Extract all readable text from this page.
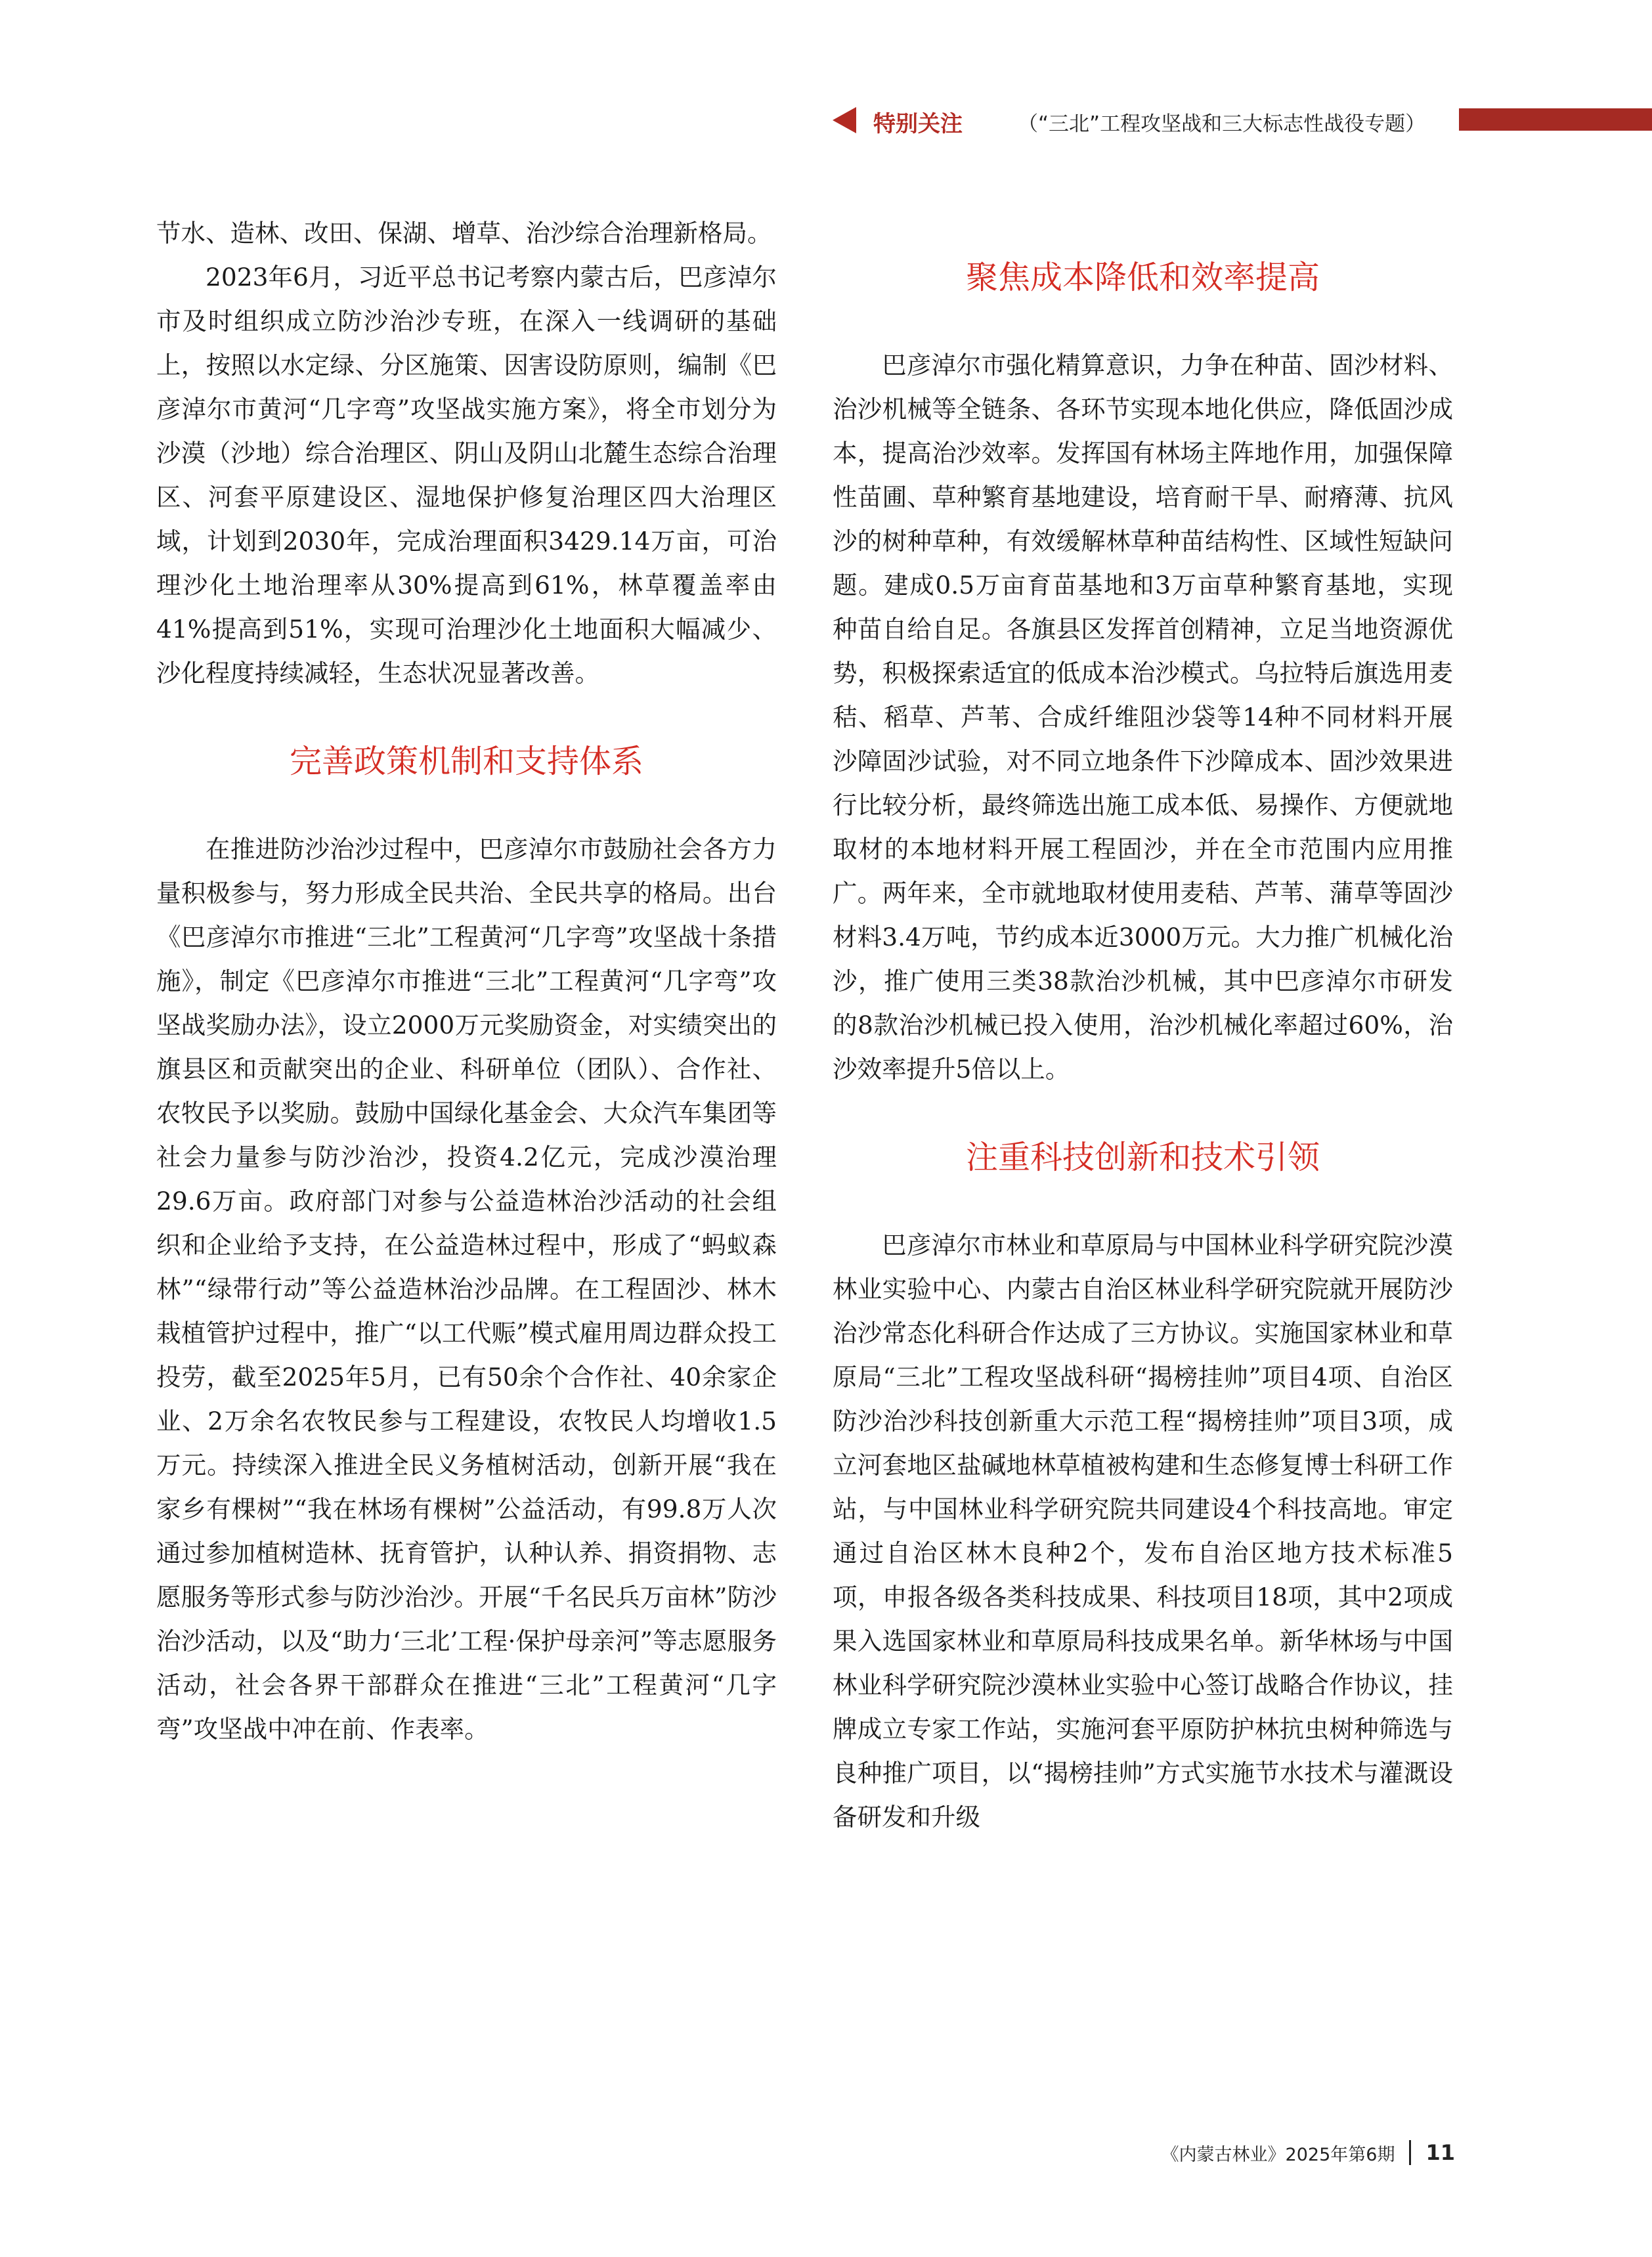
特别关注	（“三北”工程攻坚战和三大标志性战役专题）

节水、造林、改田、保湖、增草、治沙综合治理新格局。

2023年6月，习近平总书记考察内蒙古后，巴彦淖尔市及时组织成立防沙治沙专班，在深入一线调研的基础上，按照以水定绿、分区施策、因害设防原则，编制《巴彦淖尔市黄河“几字弯”攻坚战实施方案》，将全市划分为沙漠（沙地）综合治理区、阴山及阴山北麓生态综合治理区、河套平原建设区、湿地保护修复治理区四大治理区域，计划到2030年，完成治理面积3429.14万亩，可治理沙化土地治理率从30%提高到61%，林草覆盖率由41%提高到51%，实现可治理沙化土地面积大幅减少、沙化程度持续减轻，生态状况显著改善。

完善政策机制和支持体系

在推进防沙治沙过程中，巴彦淖尔市鼓励社会各方力量积极参与，努力形成全民共治、全民共享的格局。出台《巴彦淖尔市推进“三北”工程黄河“几字弯”攻坚战十条措施》，制定《巴彦淖尔市推进“三北”工程黄河“几字弯”攻坚战奖励办法》，设立2000万元奖励资金，对实绩突出的旗县区和贡献突出的企业、科研单位（团队）、合作社、农牧民予以奖励。鼓励中国绿化基金会、大众汽车集团等社会力量参与防沙治沙，投资4.2亿元，完成沙漠治理29.6万亩。政府部门对参与公益造林治沙活动的社会组织和企业给予支持，在公益造林过程中，形成了“蚂蚁森林”“绿带行动”等公益造林治沙品牌。在工程固沙、林木栽植管护过程中，推广“以工代赈”模式雇用周边群众投工投劳，截至2025年5月，已有50余个合作社、40余家企业、2万余名农牧民参与工程建设，农牧民人均增收1.5万元。持续深入推进全民义务植树活动，创新开展“我在家乡有棵树”“我在林场有棵树”公益活动，有99.8万人次通过参加植树造林、抚育管护，认种认养、捐资捐物、志愿服务等形式参与防沙治沙。开展“千名民兵万亩林”防沙治沙活动，以及“助力‘三北’工程·保护母亲河”等志愿服务活动，社会各界干部群众在推进“三北”工程黄河“几字弯”攻坚战中冲在前、作表率。

聚焦成本降低和效率提高

巴彦淖尔市强化精算意识，力争在种苗、固沙材料、治沙机械等全链条、各环节实现本地化供应，降低固沙成本，提高治沙效率。发挥国有林场主阵地作用，加强保障性苗圃、草种繁育基地建设，培育耐干旱、耐瘠薄、抗风沙的树种草种，有效缓解林草种苗结构性、区域性短缺问题。建成0.5万亩育苗基地和3万亩草种繁育基地，实现种苗自给自足。各旗县区发挥首创精神，立足当地资源优势，积极探索适宜的低成本治沙模式。乌拉特后旗选用麦秸、稻草、芦苇、合成纤维阻沙袋等14种不同材料开展沙障固沙试验，对不同立地条件下沙障成本、固沙效果进行比较分析，最终筛选出施工成本低、易操作、方便就地取材的本地材料开展工程固沙，并在全市范围内应用推广。两年来，全市就地取材使用麦秸、芦苇、蒲草等固沙材料3.4万吨，节约成本近3000万元。大力推广机械化治沙，推广使用三类38款治沙机械，其中巴彦淖尔市研发的8款治沙机械已投入使用，治沙机械化率超过60%，治沙效率提升5倍以上。

注重科技创新和技术引领

巴彦淖尔市林业和草原局与中国林业科学研究院沙漠林业实验中心、内蒙古自治区林业科学研究院就开展防沙治沙常态化科研合作达成了三方协议。实施国家林业和草原局“三北”工程攻坚战科研“揭榜挂帅”项目4项、自治区防沙治沙科技创新重大示范工程“揭榜挂帅”项目3项，成立河套地区盐碱地林草植被构建和生态修复博士科研工作站，与中国林业科学研究院共同建设4个科技高地。审定通过自治区林木良种2个，发布自治区地方技术标准5项，申报各级各类科技成果、科技项目18项，其中2项成果入选国家林业和草原局科技成果名单。新华林场与中国林业科学研究院沙漠林业实验中心签订战略合作协议，挂牌成立专家工作站，实施河套平原防护林抗虫树种筛选与良种推广项目，以“揭榜挂帅”方式实施节水技术与灌溉设备研发和升级

《内蒙古林业》2025年第6期 11
